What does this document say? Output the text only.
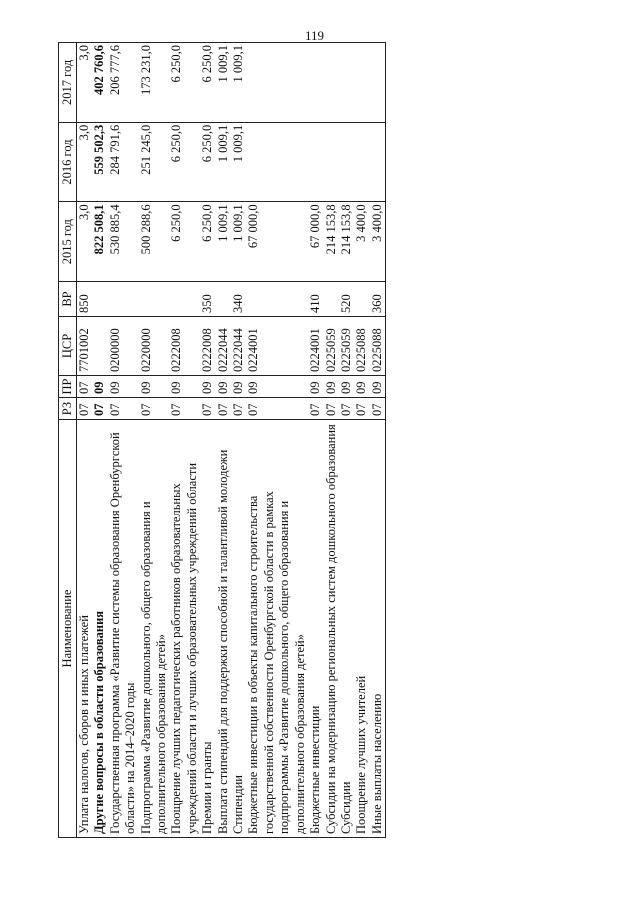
119
Наименование	РЗ	ПР	ЦСР	ВР	2015 год	2016 год	2017 год
Уплата налогов, сборов и иных платежей	07	07	7701002	850	3,0	3,0	3,0
Другие вопросы в области образования	07	09			822 508,1	559 502,3	402 760,6
Государственная программа «Развитие системы образования Оренбургской области» на 2014–2020 годы	07	09	0200000		530 885,4	284 791,6	206 777,6
Подпрограмма «Развитие дошкольного, общего образования и дополнительного образования детей»	07	09	0220000		500 288,6	251 245,0	173 231,0
Поощрение лучших педагогических работников образовательных учреждений области и лучших образовательных учреждений области	07	09	0222008		6 250,0	6 250,0	6 250,0
Премии и гранты	07	09	0222008	350	6 250,0	6 250,0	6 250,0
Выплата стипендий для поддержки способной и талантливой молодежи	07	09	0222044		1 009,1	1 009,1	1 009,1
Стипендии	07	09	0222044	340	1 009,1	1 009,1	1 009,1
Бюджетные инвестиции в объекты капитального строительства государственной собственности Оренбургской области в рамках подпрограммы «Развитие дошкольного, общего образования и дополнительного образования детей»	07	09	0224001		67 000,0		
Бюджетные инвестиции	07	09	0224001	410	67 000,0		
Субсидии на модернизацию региональных систем дошкольного образования	07	09	0225059		214 153,8		
Субсидии	07	09	0225059	520	214 153,8		
Поощрение лучших учителей	07	09	0225088		3 400,0		
Иные выплаты населению	07	09	0225088	360	3 400,0		
